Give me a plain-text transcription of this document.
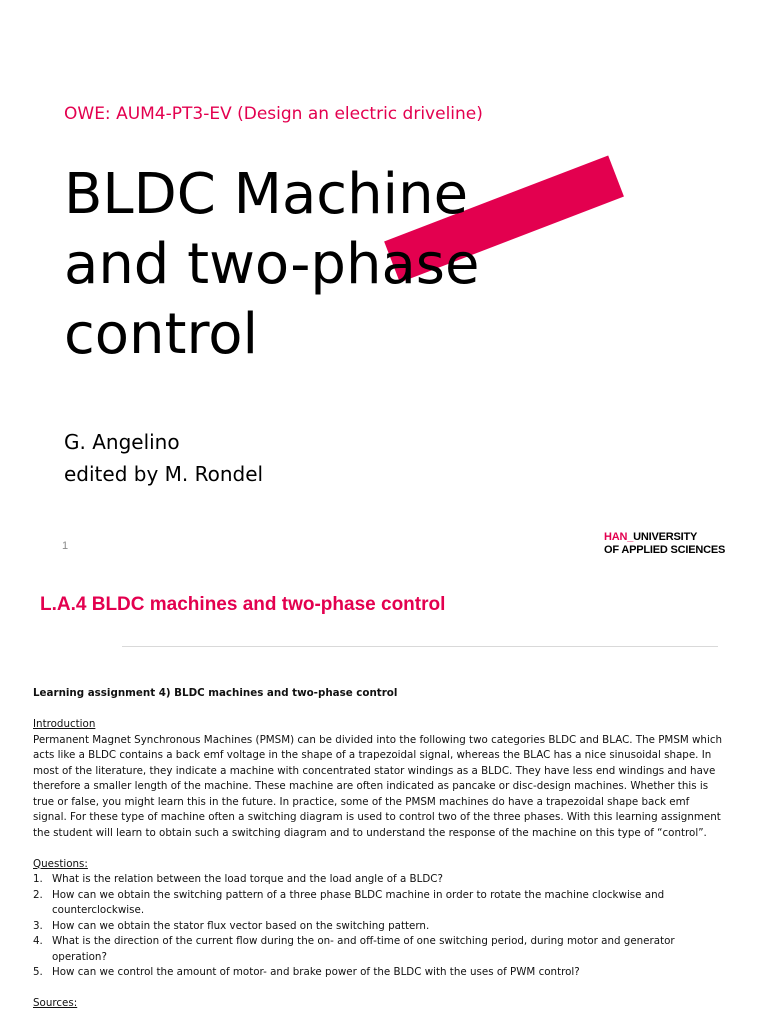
OWE: AUM4-PT3-EV (Design an electric driveline)
BLDC Machine
and two-phase
control
G. Angelino
edited by M. Rondel
1
HAN_UNIVERSITY
OF APPLIED SCIENCES
L.A.4 BLDC machines and two-phase control

Learning assignment 4) BLDC machines and two-phase control

Introduction

Permanent Magnet Synchronous Machines (PMSM) can be divided into the following two categories BLDC and BLAC. The PMSM which acts like a BLDC contains a back emf voltage in the shape of a trapezoidal signal, whereas the BLAC has a nice sinusoidal shape. In most of the literature, they indicate a machine with concentrated stator windings as a BLDC. They have less end windings and have therefore a smaller length of the machine. These machine are often indicated as pancake or disc-design machines. Whether this is true or false, you might learn this in the future. In practice, some of the PMSM machines do have a trapezoidal shape back emf signal. For these type of machine often a switching diagram is used to control two of the three phases. With this learning assignment the student will learn to obtain such a switching diagram and to understand the response of the machine on this type of “control”.

Questions:

1. What is the relation between the load torque and the load angle of a BLDC?
2. How can we obtain the switching pattern of a three phase BLDC machine in order to rotate the machine clockwise and counterclockwise.
3. How can we obtain the stator flux vector based on the switching pattern.
4. What is the direction of the current flow during the on- and off-time of one switching period, during motor and generator operation?
5. How can we control the amount of motor- and brake power of the BLDC with the uses of PWM control?

Sources:
